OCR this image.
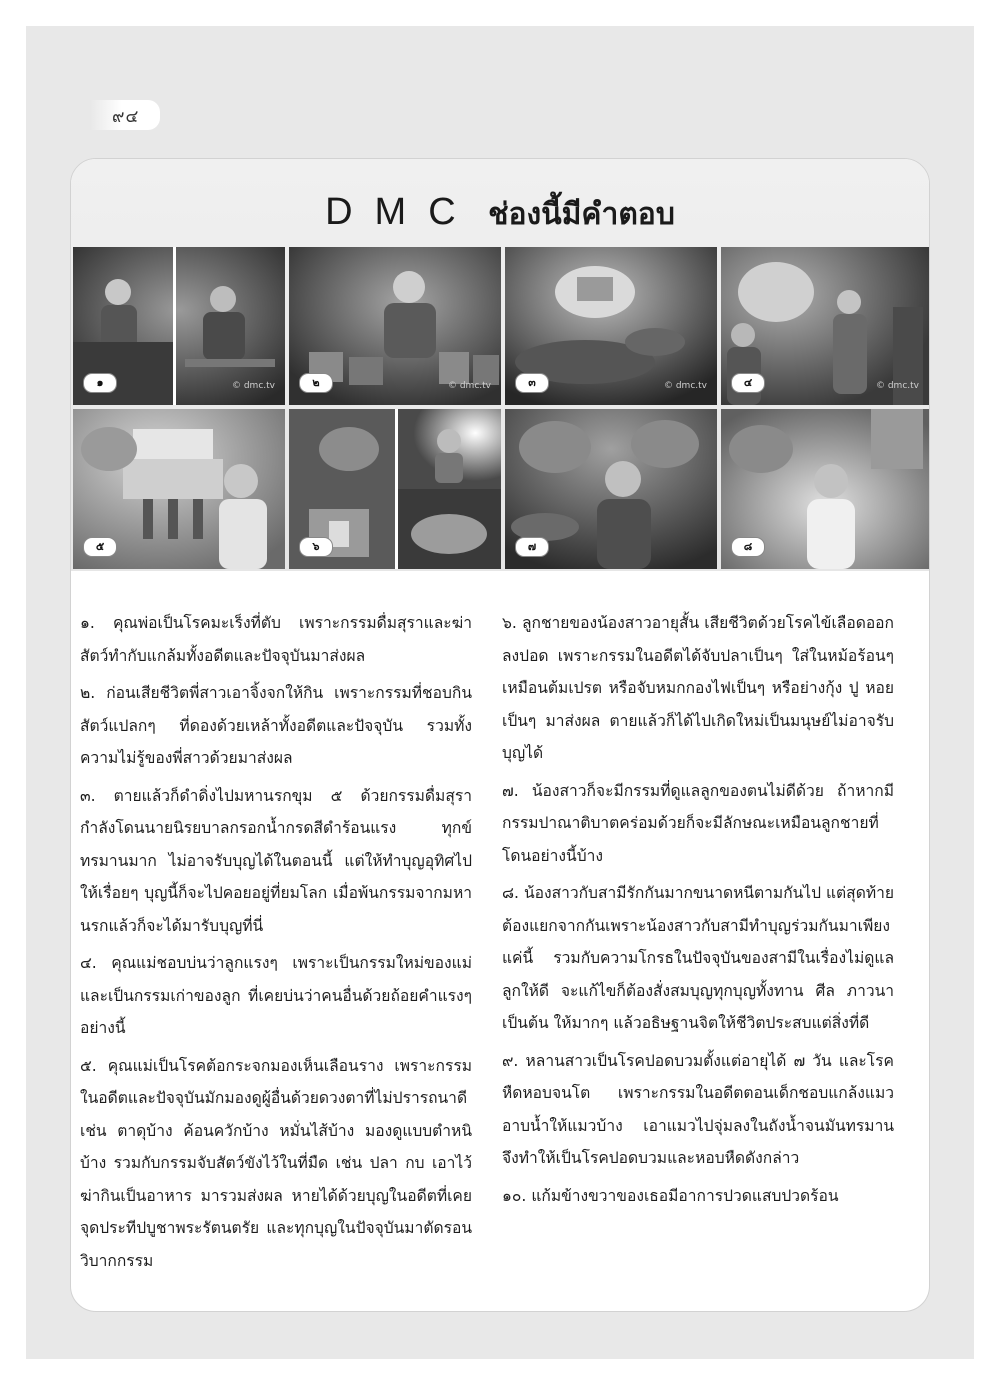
๙๔
DMC ช่องนี้มีคำตอบ
๑	© dmc.tv	๒	© dmc.tv	๓	© dmc.tv	๔	© dmc.tv
๕	๖	๗	๘

๑. คุณพ่อเป็นโรคมะเร็งที่ตับ เพราะกรรมดื่มสุราและฆ่าสัตว์ทำกับแกล้มทั้งอดีตและปัจจุบันมาส่งผล

๒. ก่อนเสียชีวิตพี่สาวเอาจิ้งจกให้กิน เพราะกรรมที่ชอบกินสัตว์แปลกๆ ที่ดองด้วยเหล้าทั้งอดีตและปัจจุบัน รวมทั้งความไม่รู้ของพี่สาวด้วยมาส่งผล

๓. ตายแล้วก็ดำดิ่งไปมหานรกขุม ๕ ด้วยกรรมดื่มสุรา กำลังโดนนายนิรยบาลกรอกน้ำกรดสีดำร้อนแรง ทุกข์ทรมานมาก ไม่อาจรับบุญได้ในตอนนี้ แต่ให้ทำบุญอุทิศไปให้เรื่อยๆ บุญนี้ก็จะไปคอยอยู่ที่ยมโลก เมื่อพ้นกรรมจากมหานรกแล้วก็จะได้มารับบุญที่นี่

๔. คุณแม่ชอบบ่นว่าลูกแรงๆ เพราะเป็นกรรมใหม่ของแม่และเป็นกรรมเก่าของลูก ที่เคยบ่นว่าคนอื่นด้วยถ้อยคำแรงๆ อย่างนี้

๕. คุณแม่เป็นโรคต้อกระจกมองเห็นเลือนราง เพราะกรรมในอดีตและปัจจุบันมักมองดูผู้อื่นด้วยดวงตาที่ไม่ปรารถนาดี เช่น ตาดุบ้าง ค้อนควักบ้าง หมั่นไส้บ้าง มองดูแบบตำหนิบ้าง รวมกับกรรมจับสัตว์ขังไว้ในที่มืด เช่น ปลา กบ เอาไว้ฆ่ากินเป็นอาหาร มารวมส่งผล หายได้ด้วยบุญในอดีตที่เคยจุดประทีปบูชาพระรัตนตรัย และทุกบุญในปัจจุบันมาตัดรอนวิบากกรรม

๖. ลูกชายของน้องสาวอายุสั้น เสียชีวิตด้วยโรคไข้เลือดออกลงปอด เพราะกรรมในอดีตได้จับปลาเป็นๆ ใส่ในหม้อร้อนๆ เหมือนต้มเปรต หรือจับหมกกองไฟเป็นๆ หรือย่างกุ้ง ปู หอย เป็นๆ มาส่งผล ตายแล้วก็ได้ไปเกิดใหม่เป็นมนุษย์ไม่อาจรับบุญได้

๗. น้องสาวก็จะมีกรรมที่ดูแลลูกของตนไม่ดีด้วย ถ้าหากมีกรรมปาณาติบาตคร่อมด้วยก็จะมีลักษณะเหมือนลูกชายที่โดนอย่างนี้บ้าง

๘. น้องสาวกับสามีรักกันมากขนาดหนีตามกันไป แต่สุดท้ายต้องแยกจากกันเพราะน้องสาวกับสามีทำบุญร่วมกันมาเพียงแค่นี้ รวมกับความโกรธในปัจจุบันของสามีในเรื่องไม่ดูแลลูกให้ดี จะแก้ไขก็ต้องสั่งสมบุญทุกบุญทั้งทาน ศีล ภาวนา เป็นต้น ให้มากๆ แล้วอธิษฐานจิตให้ชีวิตประสบแต่สิ่งที่ดี

๙. หลานสาวเป็นโรคปอดบวมตั้งแต่อายุได้ ๗ วัน และโรคหืดหอบจนโต เพราะกรรมในอดีตตอนเด็กชอบแกล้งแมว อาบน้ำให้แมวบ้าง เอาแมวไปจุ่มลงในถังน้ำจนมันทรมาน จึงทำให้เป็นโรคปอดบวมและหอบหืดดังกล่าว

๑๐. แก้มข้างขวาของเธอมีอาการปวดแสบปวดร้อน
